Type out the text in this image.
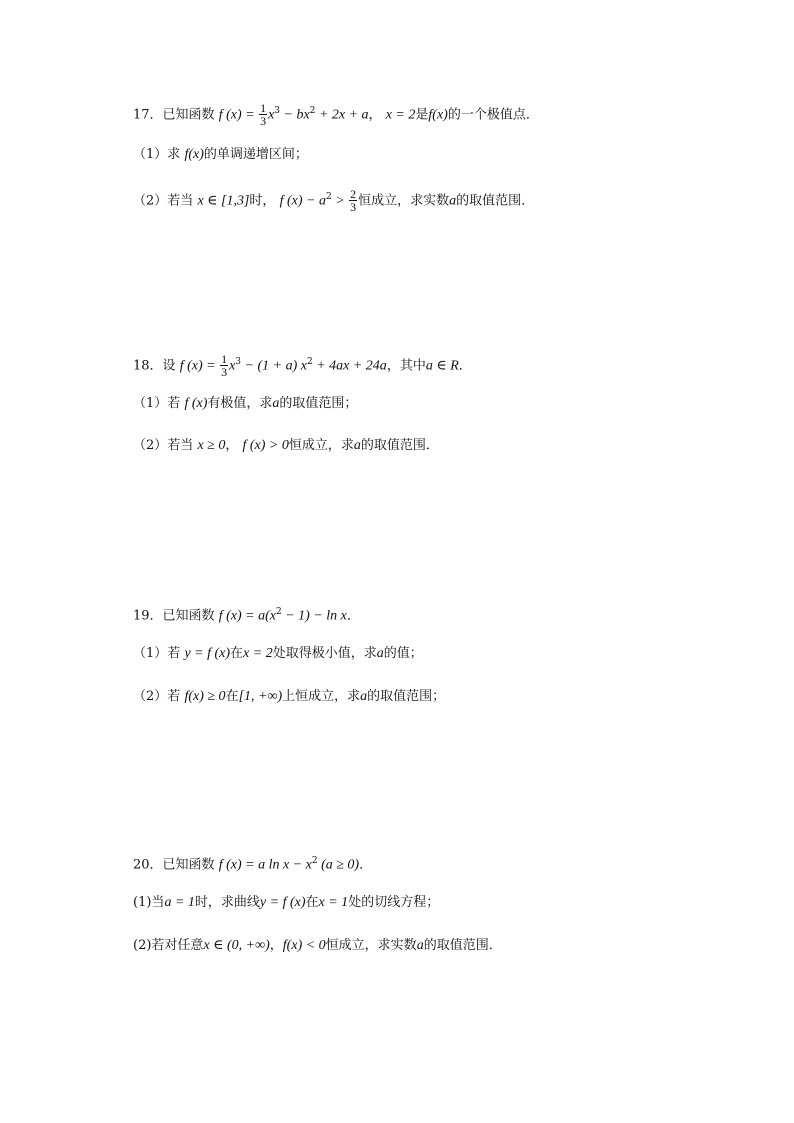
17．已知函数 f $(x) = \frac{1}{3} x^3 - bx^2 + 2x + a$， x = 2是f(x)的一个极值点．
（1）求 f(x)的单调递增区间；
（2）若当 x ∈ [1,3]时， f $(x) - a^2 > \frac{2}{3}$ 恒成立，求实数a的取值范围．
18．设 f $(x) = \frac{1}{3} x^3 - (1 + a) x^2 + 4ax + 24a$，其中a ∈ R．
（1）若 f (x)有极值，求a的取值范围；
（2）若当 x ≥ 0， f (x) > 0恒成立，求a的取值范围．
19．已知函数 f $(x) = a(x^2 - 1) - \ln x$．
（1）若 y = f (x)在x = 2处取得极小值，求a的值；
（2）若 f(x) ≥ 0在[1, +∞)上恒成立，求a的取值范围；
20．已知函数 f (x) = a $\ln x - x^2$ (a ≥ 0)．
(1)当a = 1时，求曲线y = f (x)在x = 1处的切线方程；
(2)若对任意x ∈ (0, +∞)，f(x) < 0恒成立，求实数a的取值范围．
